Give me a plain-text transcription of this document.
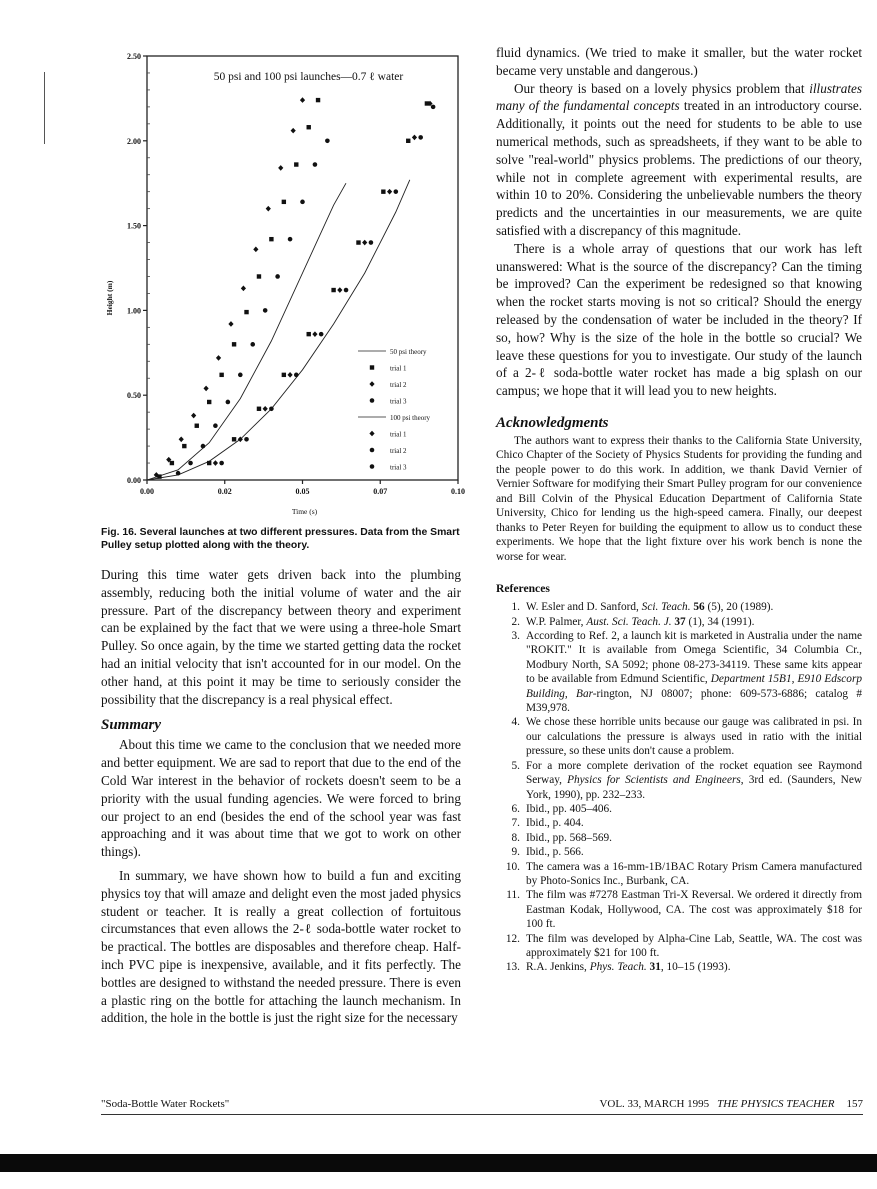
0.00
0.50
1.00
1.50
2.00
2.50
0.00	0.02	0.05	0.07	0.10
Time (s)
Height (m)
50 psi and 100 psi launches—0.7 ℓ water
50 psi theory
trial 1
trial 2
trial 3
100 psi theory
trial 1
trial 2
trial 3
Fig. 16. Several launches at two different pressures. Data from the Smart Pulley setup plotted along with the theory.

During this time water gets driven back into the plumbing assembly, reducing both the initial volume of water and the air pressure. Part of the discrepancy between theory and experiment can be explained by the fact that we were using a three-hole Smart Pulley. So once again, by the time we started getting data the rocket had an initial velocity that isn't accounted for in our model. On the other hand, at this point it may be time to seriously consider the possibility that the discrepancy is a real physical effect.

Summary

About this time we came to the conclusion that we needed more and better equipment. We are sad to report that due to the end of the Cold War interest in the behavior of rockets doesn't seem to be a priority with the usual funding agencies. We were forced to bring our project to an end (besides the end of the school year was fast approaching and it was about time that we got to work on other things).

In summary, we have shown how to build a fun and exciting physics toy that will amaze and delight even the most jaded physics student or teacher. It is really a great collection of fortuitous circumstances that even allows the 2-ℓ soda-bottle water rocket to be practical. The bottles are disposables and therefore cheap. Half-inch PVC pipe is inexpensive, available, and it fits perfectly. The bottles are designed to withstand the needed pressure. There is even a plastic ring on the bottle for attaching the launch mechanism. In addition, the hole in the bottle is just the right size for the necessary

fluid dynamics. (We tried to make it smaller, but the water rocket became very unstable and dangerous.)

Our theory is based on a lovely physics problem that illustrates many of the fundamental concepts treated in an introductory course. Additionally, it points out the need for students to be able to use numerical methods, such as spreadsheets, if they want to be able to solve "real-world" physics problems. The predictions of our theory, while not in complete agreement with experimental results, are within 10 to 20%. Considering the unbelievable numbers the theory predicts and the uncertainties in our measurements, we are quite satisfied with a discrepancy of this magnitude.

There is a whole array of questions that our work has left unanswered: What is the source of the discrepancy? Can the timing be improved? Can the experiment be redesigned so that knowing when the rocket starts moving is not so critical? Should the energy released by the condensation of water be included in the theory? If so, how? Why is the size of the hole in the bottle so crucial? We leave these questions for you to investigate. Our study of the launch of a 2-ℓ soda-bottle water rocket has made a big splash on our campus; we hope that it will lead you to new heights.

Acknowledgments

The authors want to express their thanks to the California State University, Chico Chapter of the Society of Physics Students for providing the funding and the people power to do this work. In addition, we thank David Vernier of Vernier Software for modifying their Smart Pulley program for our convenience and Bill Colvin of the Physical Education Department of California State University, Chico for lending us the high-speed camera. Finally, our deepest thanks to Peter Reyen for building the equipment to allow us to conduct these experiments. We hope that the light fixture over his work bench is none the worse for wear.

References
1. W. Esler and D. Sanford, Sci. Teach. 56 (5), 20 (1989).
2. W.P. Palmer, Aust. Sci. Teach. J. 37 (1), 34 (1991).
3. According to Ref. 2, a launch kit is marketed in Australia under the name "ROKIT." It is available from Omega Scientific, 34 Columbia Cr., Modbury North, SA 5092; phone 08-273-34119. These same kits appear to be available from Edmund Scientific, Department 15B1, E910 Edscorp Building, Bar-rington, NJ 08007; phone: 609-573-6886; catalog # M39,978.
4. We chose these horrible units because our gauge was calibrated in psi. In our calculations the pressure is always used in ratio with the initial pressure, so these units don't cause a problem.
5. For a more complete derivation of the rocket equation see Raymond Serway, Physics for Scientists and Engineers, 3rd ed. (Saunders, New York, 1990), pp. 232–233.
6. Ibid., pp. 405–406.
7. Ibid., p. 404.
8. Ibid., pp. 568–569.
9. Ibid., p. 566.
10. The camera was a 16-mm-1B/1BAC Rotary Prism Camera manufactured by Photo-Sonics Inc., Burbank, CA.
11. The film was #7278 Eastman Tri-X Reversal. We ordered it directly from Eastman Kodak, Hollywood, CA. The cost was approximately $18 for 100 ft.
12. The film was developed by Alpha-Cine Lab, Seattle, WA. The cost was approximately $21 for 100 ft.
13. R.A. Jenkins, Phys. Teach. 31, 10–15 (1993).
"Soda-Bottle Water Rockets"	VOL. 33, MARCH 1995 THE PHYSICS TEACHER 157
